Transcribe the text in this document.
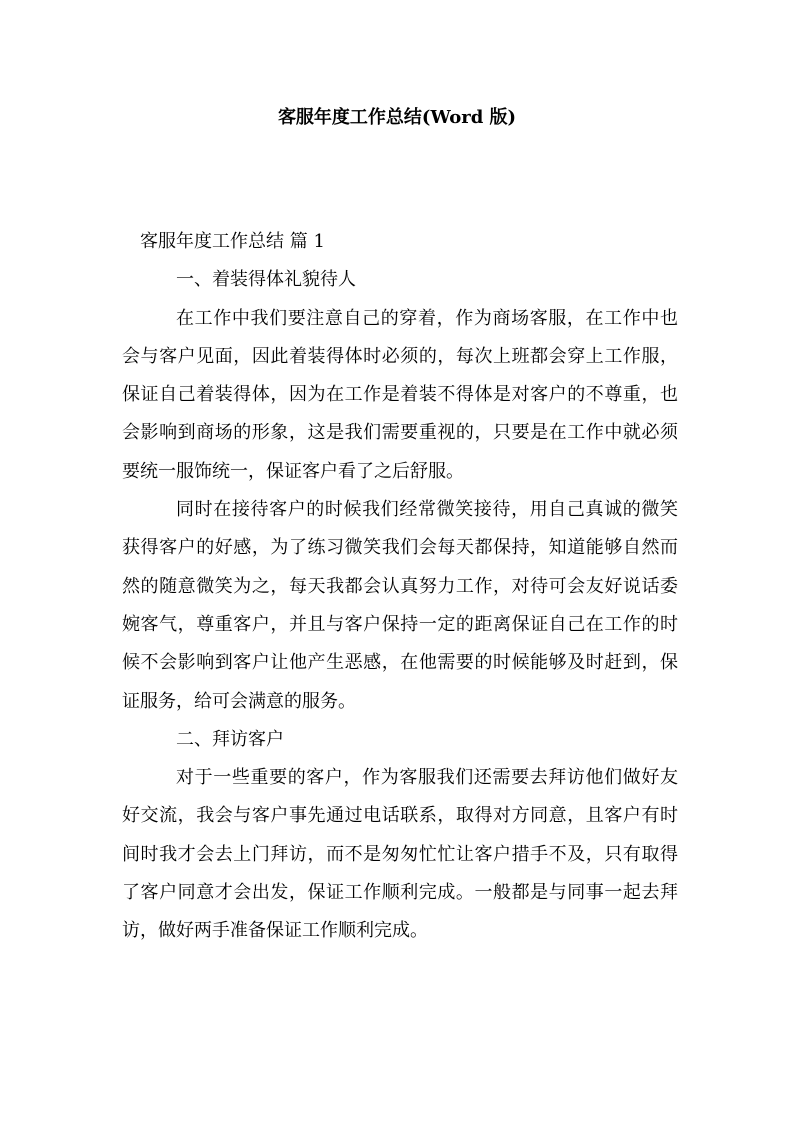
客服年度工作总结(Word 版)
客服年度工作总结 篇 1
一、着装得体礼貌待人

在工作中我们要注意自己的穿着，作为商场客服，在工作中也会与客户见面，因此着装得体时必须的，每次上班都会穿上工作服，保证自己着装得体，因为在工作是着装不得体是对客户的不尊重，也会影响到商场的形象，这是我们需要重视的，只要是在工作中就必须要统一服饰统一，保证客户看了之后舒服。

同时在接待客户的时候我们经常微笑接待，用自己真诚的微笑获得客户的好感，为了练习微笑我们会每天都保持，知道能够自然而然的随意微笑为之，每天我都会认真努力工作，对待可会友好说话委婉客气，尊重客户，并且与客户保持一定的距离保证自己在工作的时候不会影响到客户让他产生恶感，在他需要的时候能够及时赶到，保证服务，给可会满意的服务。

二、拜访客户

对于一些重要的客户，作为客服我们还需要去拜访他们做好友好交流，我会与客户事先通过电话联系，取得对方同意，且客户有时间时我才会去上门拜访，而不是匆匆忙忙让客户措手不及，只有取得了客户同意才会出发，保证工作顺利完成。一般都是与同事一起去拜访，做好两手准备保证工作顺利完成。
